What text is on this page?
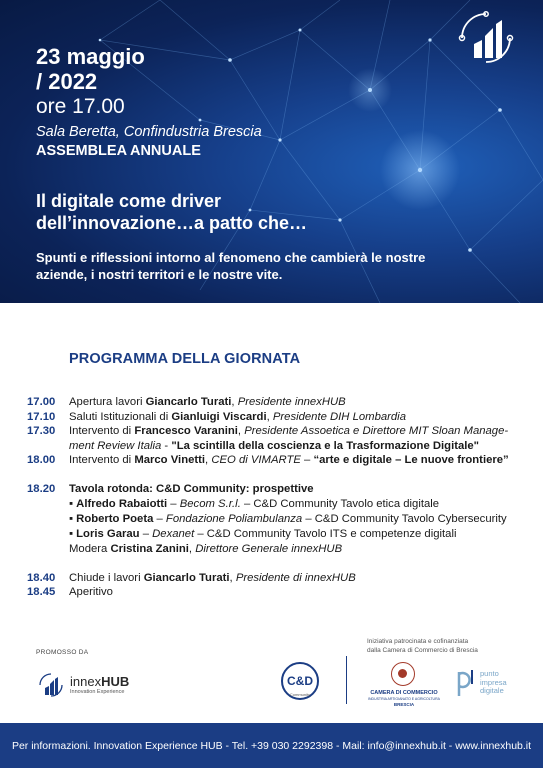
23 maggio
/ 2022
ore 17.00
Sala Beretta, Confindustria Brescia
ASSEMBLEA ANNUALE
Il digitale come driver
dell’innovazione…a patto che…
Spunti e riflessioni intorno al fenomeno che cambierà le nostre
aziende, i nostri territori e le nostre vite.
PROGRAMMA DELLA GIORNATA
17.00	Apertura lavori Giancarlo Turati, Presidente innexHUB
17.10	Saluti Istituzionali di Gianluigi Viscardi, Presidente DIH Lombardia
17.30	Intervento di Francesco Varanini, Presidente Assoetica e Direttore MIT Sloan Manage-
ment Review Italia - "La scintilla della coscienza e la Trasformazione Digitale"
18.00	Intervento di Marco Vinetti, CEO di VIMARTE – “arte e digitale – Le nuove frontiere”
18.20	Tavola rotonda: C&D Community: prospettive
▪ Alfredo Rabaiotti – Becom S.r.l. – C&D Community Tavolo etica digitale
▪ Roberto Poeta – Fondazione Poliambulanza – C&D Community Tavolo Cybersecurity
▪ Loris Garau – Dexanet – C&D Community Tavolo ITS e competenze digitali
Modera Cristina Zanini, Direttore Generale innexHUB
18.40	Chiude i lavori Giancarlo Turati, Presidente di innexHUB
18.45	Aperitivo
PROMOSSO DA
innexHUB
Innovation Experience
C&D
Community
Iniziativa patrocinata e cofinanziata
dalla Camera di Commercio di Brescia
CAMERA DI COMMERCIO
INDUSTRIA ARTIGIANATO E AGRICOLTURA
BRESCIA
punto
impresa
digitale
Per informazioni. Innovation Experience HUB - Tel. +39 030 2292398 - Mail: info@innexhub.it - www.innexhub.it
